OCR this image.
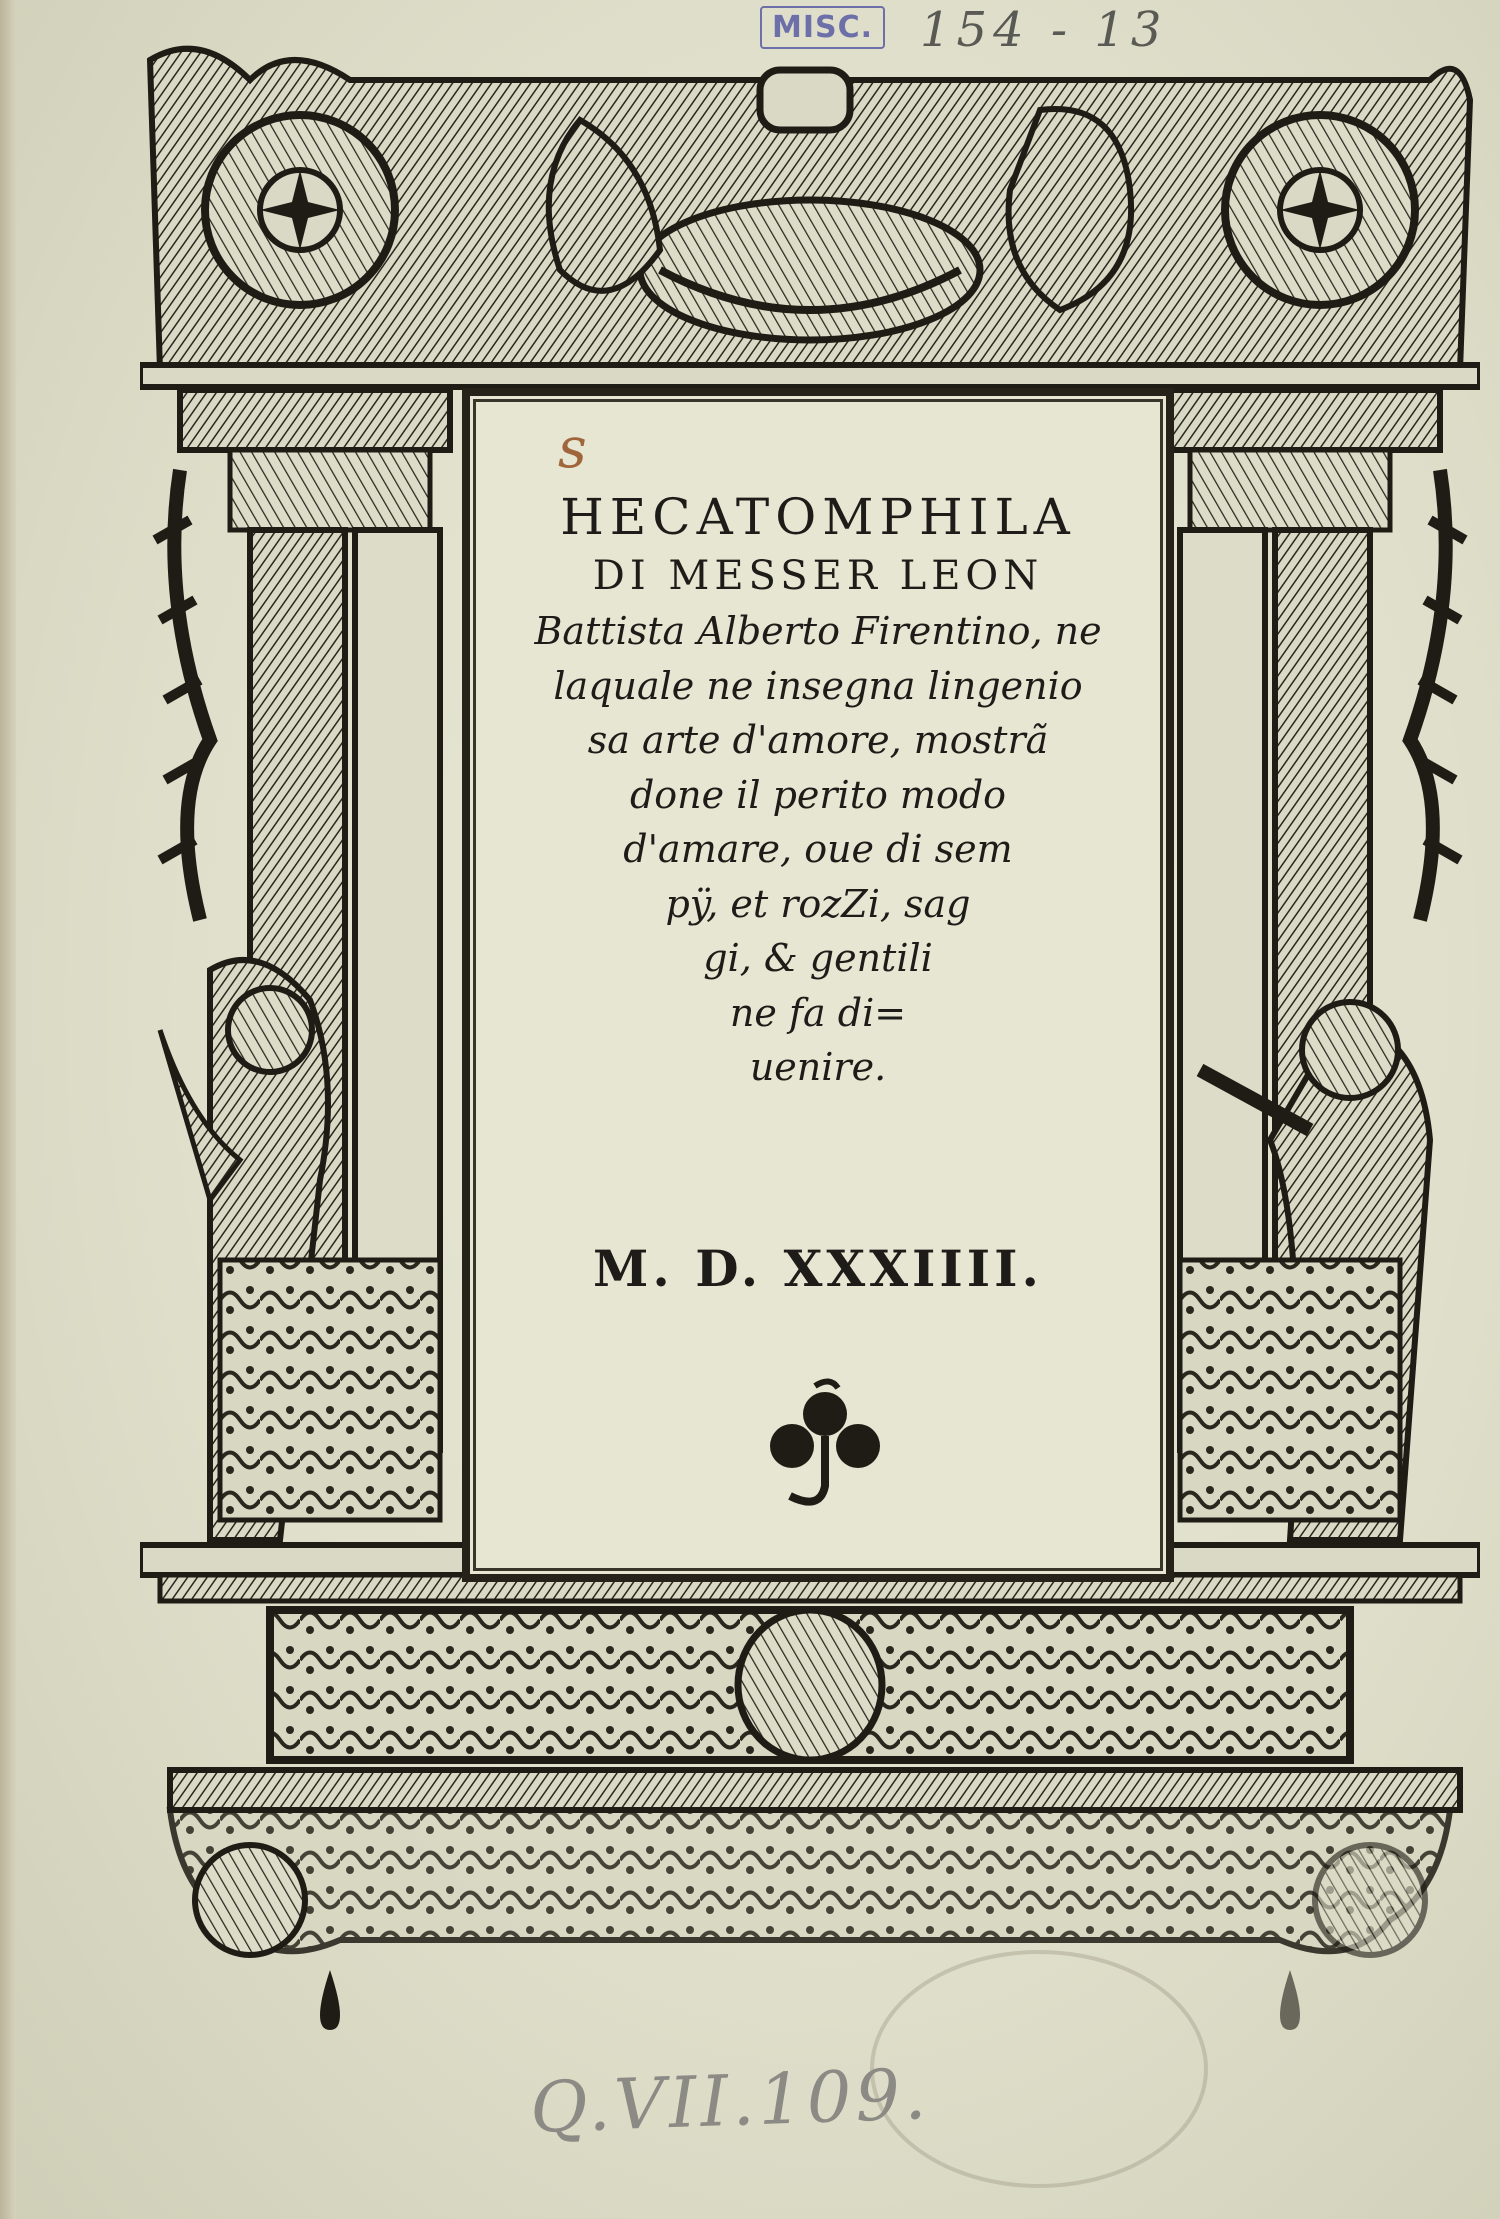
MISC. 154 - 13
s

HECATOMPHILA

DI MESSER LEON

Battista Alberto Firentino, ne

laquale ne insegna lingenio

sa arte d'amore, mostrã

done il perito modo

d'amare, oue di sem

pÿ, et rozZi, sag

gi, & gentili

ne fa di=

uenire.

M. D. XXXIIII.
Q.VII.109.
